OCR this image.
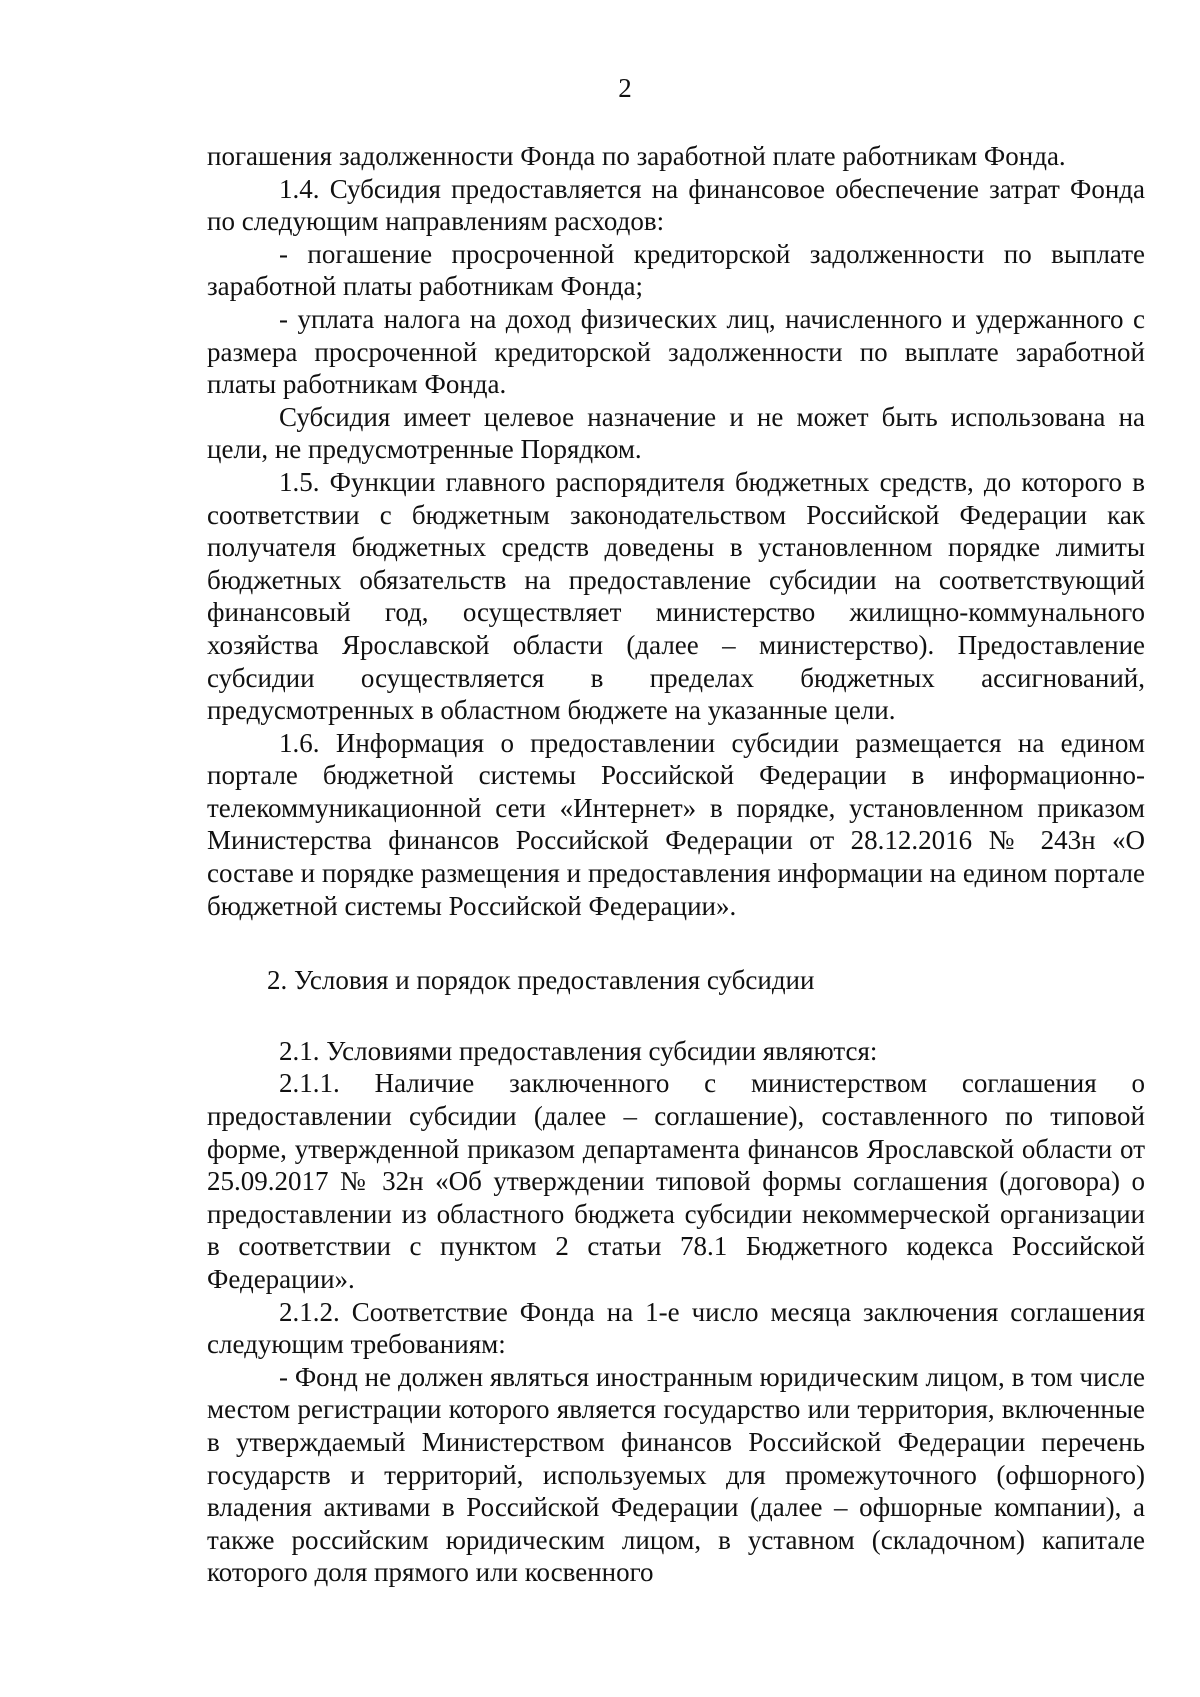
2

погашения задолженности Фонда по заработной плате работникам Фонда.

1.4. Субсидия предоставляется на финансовое обеспечение затрат Фонда по следующим направлениям расходов:

- погашение просроченной кредиторской задолженности по выплате заработной платы работникам Фонда;

- уплата налога на доход физических лиц, начисленного и удержанного с размера просроченной кредиторской задолженности по выплате заработной платы работникам Фонда.

Субсидия имеет целевое назначение и не может быть использована на цели, не предусмотренные Порядком.

1.5. Функции главного распорядителя бюджетных средств, до которого в соответствии с бюджетным законодательством Российской Федерации как получателя бюджетных средств доведены в установленном порядке лимиты бюджетных обязательств на предоставление субсидии на соответствующий финансовый год, осуществляет министерство жилищно-коммунального хозяйства Ярославской области (далее – министерство). Предоставление субсидии осуществляется в пределах бюджетных ассигнований, предусмотренных в областном бюджете на указанные цели.

1.6. Информация о предоставлении субсидии размещается на едином портале бюджетной системы Российской Федерации в информационно-телекоммуникационной сети «Интернет» в порядке, установленном приказом Министерства финансов Российской Федерации от 28.12.2016 № 243н «О составе и порядке размещения и предоставления информации на едином портале бюджетной системы Российской Федерации».

2. Условия и порядок предоставления субсидии

2.1. Условиями предоставления субсидии являются:

2.1.1. Наличие заключенного с министерством соглашения о предоставлении субсидии (далее – соглашение), составленного по типовой форме, утвержденной приказом департамента финансов Ярославской области от 25.09.2017 № 32н «Об утверждении типовой формы соглашения (договора) о предоставлении из областного бюджета субсидии некоммерческой организации в соответствии с пунктом 2 статьи 78.1 Бюджетного кодекса Российской Федерации».

2.1.2. Соответствие Фонда на 1-е число месяца заключения соглашения следующим требованиям:

- Фонд не должен являться иностранным юридическим лицом, в том числе местом регистрации которого является государство или территория, включенные в утверждаемый Министерством финансов Российской Федерации перечень государств и территорий, используемых для промежуточного (офшорного) владения активами в Российской Федерации (далее – офшорные компании), а также российским юридическим лицом, в уставном (складочном) капитале которого доля прямого или косвенного
